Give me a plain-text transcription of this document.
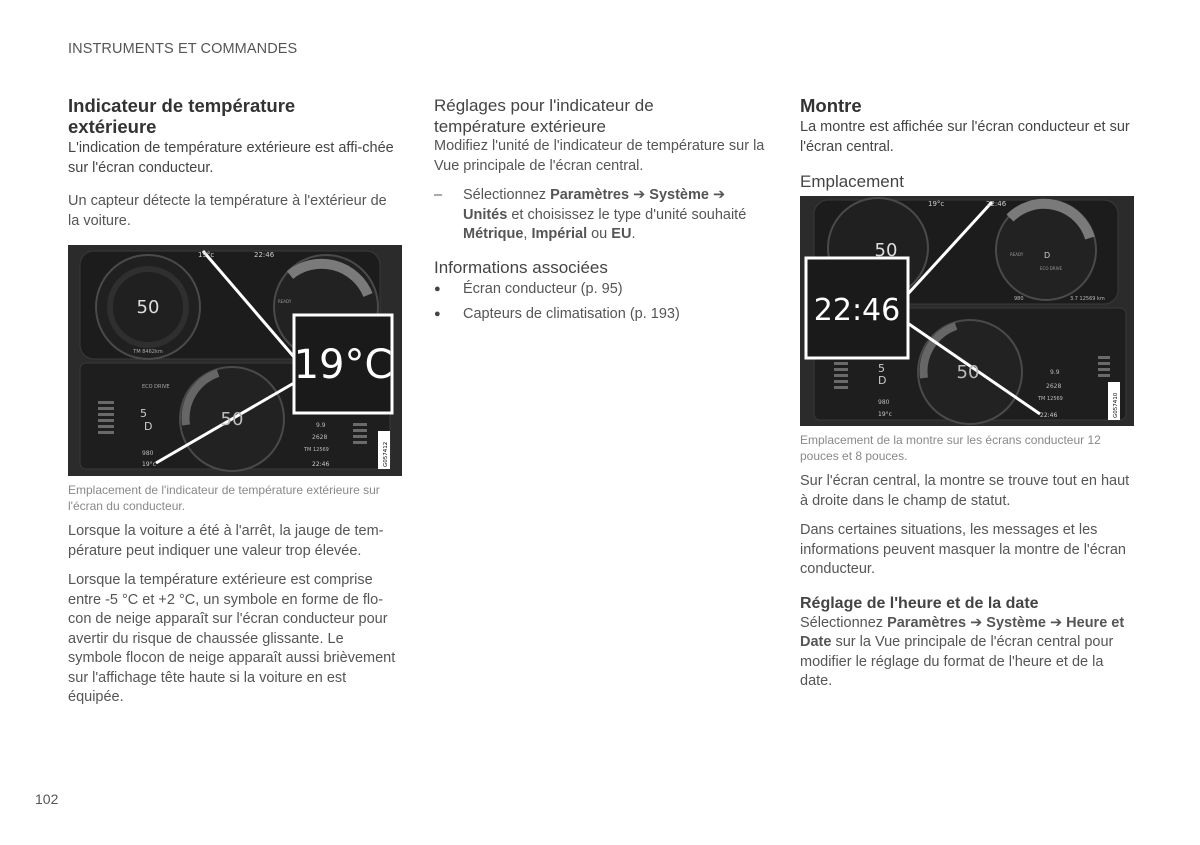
INSTRUMENTS ET COMMANDES
Indicateur de température
extérieure

L'indication de température extérieure est affi-chée sur l'écran conducteur.

Un capteur détecte la température à l'extérieur de la voiture.

19°C
19°c	22:46
50
50
TM 8462km
READY
ECO DRIVE
5
D
980
9.9
2628
TM 12569
19°c	22:46	G057412
Emplacement de l'indicateur de température extérieure sur l'écran du conducteur.

Lorsque la voiture a été à l'arrêt, la jauge de tem-pérature peut indiquer une valeur trop élevée.

Lorsque la température extérieure est comprise entre -5 °C et +2 °C, un symbole en forme de flo-con de neige apparaît sur l'écran conducteur pour avertir du risque de chaussée glissante. Le symbole flocon de neige apparaît aussi brièvement sur l'affichage tête haute si la voiture en est équipée.

Réglages pour l'indicateur de
température extérieure

Modifiez l'unité de l'indicateur de température sur la Vue principale de l'écran central.

–	Sélectionnez Paramètres ➔ Système ➔
Unités et choisissez le type d'unité souhaité Métrique, Impérial ou EU.
Informations associées
●	Écran conducteur (p. 95)
●	Capteurs de climatisation (p. 193)
Montre

La montre est affichée sur l'écran conducteur et sur l'écran central.

Emplacement
22:46
19°c	22:46
50
50
READY
ECO DRIVE
D
5
D
980	3.7 12569 km
9.9
2628
TM 12569
980
19°c	22:46	G057410
Emplacement de la montre sur les écrans conducteur 12 pouces et 8 pouces.

Sur l'écran central, la montre se trouve tout en haut à droite dans le champ de statut.

Dans certaines situations, les messages et les informations peuvent masquer la montre de l'écran conducteur.

Réglage de l'heure et de la date

Sélectionnez Paramètres ➔ Système ➔ Heure et Date sur la Vue principale de l'écran central pour modifier le réglage du format de l'heure et de la date.

102
